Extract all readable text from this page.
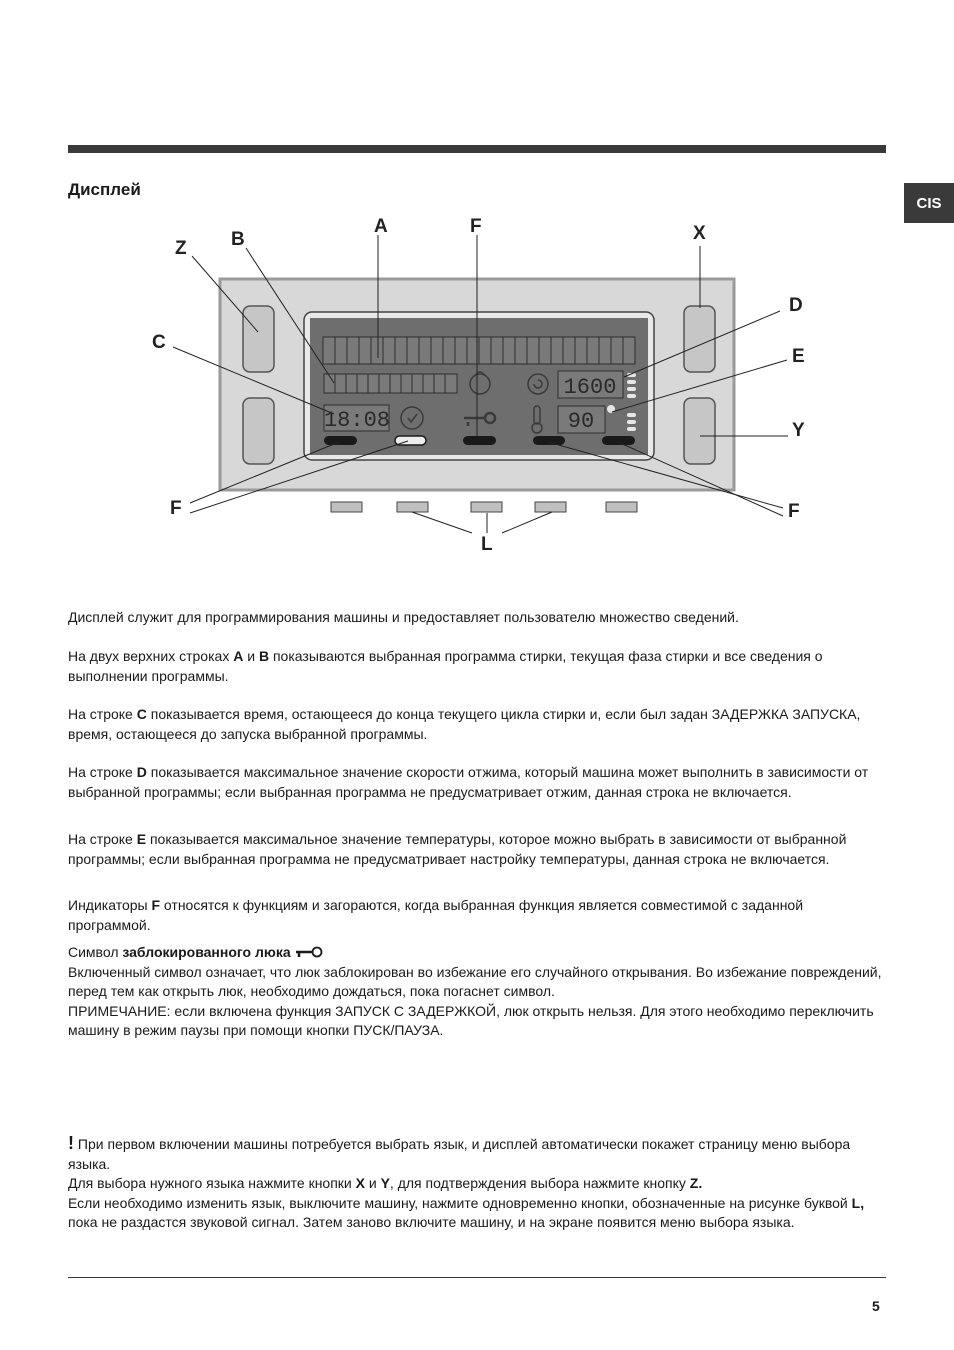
CIS
Дисплей
18:08
1600
90
A	F	X
B
Z
D
C
E
Y
F	F
L

Дисплей служит для программирования машины и предоставляет пользователю множество сведений.

На двух верхних строках A и B показываются выбранная программа стирки, текущая фаза стирки и все сведения о выполнении программы.

На строке C показывается время, остающееся до конца текущего цикла стирки и, если был задан ЗАДЕРЖКА ЗАПУСКА, время, остающееся до запуска выбранной программы.

На строке D показывается максимальное значение скорости отжима, который машина может выполнить в зависимости от выбранной программы; если выбранная программа не предусматривает отжим, данная строка не включается.

На строке E показывается максимальное значение температуры, которое можно выбрать в зависимости от выбранной программы; если выбранная программа не предусматривает настройку температуры, данная строка не включается.

Индикаторы F относятся к функциям и загораются, когда выбранная функция является совместимой с заданной программой.

Символ заблокированного люка

Включенный символ означает, что люк заблокирован во избежание его случайного открывания. Во избежание повреждений, перед тем как открыть люк, необходимо дождаться, пока погаснет символ.

ПРИМЕЧАНИЕ: если включена функция ЗАПУСК С ЗАДЕРЖКОЙ, люк открыть нельзя. Для этого необходимо переключить машину в режим паузы при помощи кнопки ПУСК/ПАУЗА.

! При первом включении машины потребуется выбрать язык, и дисплей автоматически покажет страницу меню выбора языка.

Для выбора нужного языка нажмите кнопки X и Y, для подтверждения выбора нажмите кнопку Z.

Если необходимо изменить язык, выключите машину, нажмите одновременно кнопки, обозначенные на рисунке буквой L, пока не раздастся звуковой сигнал. Затем заново включите машину, и на экране появится меню выбора языка.

5
